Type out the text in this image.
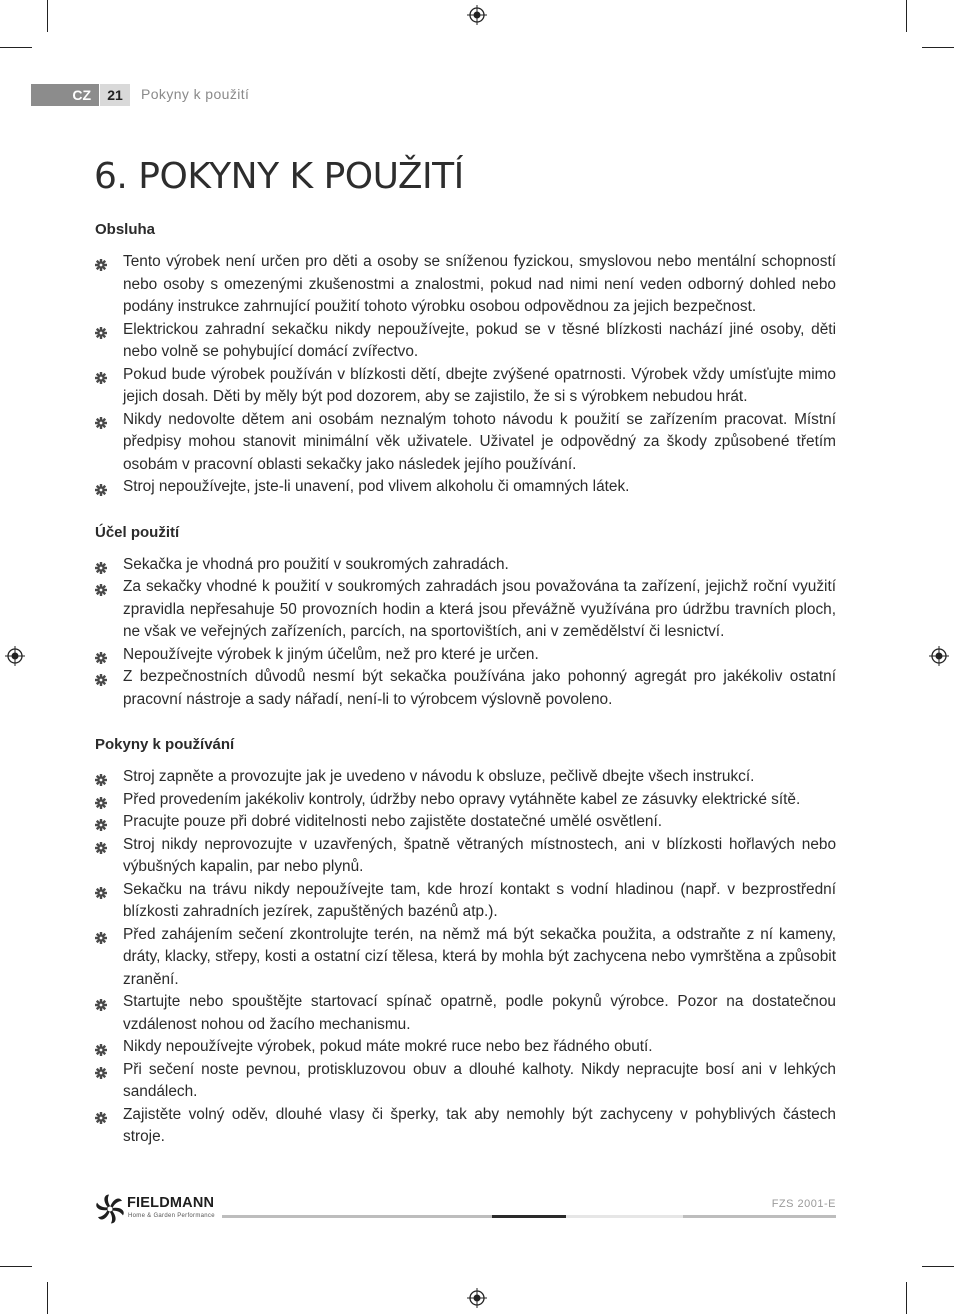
CZ	21	Pokyny k použití
6. POKYNY K POUŽITÍ
Obsluha
Tento výrobek není určen pro děti a osoby se sníženou fyzickou, smyslovou nebo mentální schopností nebo osoby s omezenými zkušenostmi a znalostmi, pokud nad nimi není veden odborný dohled nebo podány instrukce zahrnující použití tohoto výrobku osobou odpovědnou za jejich bezpečnost.
Elektrickou zahradní sekačku nikdy nepoužívejte, pokud se v těsné blízkosti nachází jiné osoby, děti nebo volně se pohybující domácí zvířectvo.
Pokud bude výrobek používán v blízkosti dětí, dbejte zvýšené opatrnosti. Výrobek vždy umísťujte mimo jejich dosah. Děti by měly být pod dozorem, aby se zajistilo, že si s výrobkem nebudou hrát.
Nikdy nedovolte dětem ani osobám neznalým tohoto návodu k použití se zařízením pracovat. Místní předpisy mohou stanovit minimální věk uživatele. Uživatel je odpovědný za škody způsobené třetím osobám v pracovní oblasti sekačky jako následek jejího používání.
Stroj nepoužívejte, jste-li unavení, pod vlivem alkoholu či omamných látek.
Účel použití
Sekačka je vhodná pro použití v soukromých zahradách.
Za sekačky vhodné k použití v soukromých zahradách jsou považována ta zařízení, jejichž roční využití zpravidla nepřesahuje 50 provozních hodin a která jsou převážně využívána pro údržbu travních ploch, ne však ve veřejných zařízeních, parcích, na sportovištích, ani v zemědělství či lesnictví.
Nepoužívejte výrobek k jiným účelům, než pro které je určen.
Z bezpečnostních důvodů nesmí být sekačka používána jako pohonný agregát pro jakékoliv ostatní pracovní nástroje a sady nářadí, není-li to výrobcem výslovně povoleno.
Pokyny k používání
Stroj zapněte a provozujte jak je uvedeno v návodu k obsluze, pečlivě dbejte všech instrukcí.
Před provedením jakékoliv kontroly, údržby nebo opravy vytáhněte kabel ze zásuvky elektrické sítě.
Pracujte pouze při dobré viditelnosti nebo zajistěte dostatečné umělé osvětlení.
Stroj nikdy neprovozujte v uzavřených, špatně větraných místnostech, ani v blízkosti hořlavých nebo výbušných kapalin, par nebo plynů.
Sekačku na trávu nikdy nepoužívejte tam, kde hrozí kontakt s vodní hladinou (např. v bezprostřední blízkosti zahradních jezírek, zapuštěných bazénů atp.).
Před zahájením sečení zkontrolujte terén, na němž má být sekačka použita, a odstraňte z ní kameny, dráty, klacky, střepy, kosti a ostatní cizí tělesa, která by mohla být zachycena nebo vymrštěna a způsobit zranění.
Startujte nebo spouštějte startovací spínač opatrně, podle pokynů výrobce. Pozor na dostatečnou vzdálenost nohou od žacího mechanismu.
Nikdy nepoužívejte výrobek, pokud máte mokré ruce nebo bez řádného obutí.
Při sečení noste pevnou, protiskluzovou obuv a dlouhé kalhoty. Nikdy nepracujte bosí ani v lehkých sandálech.
Zajistěte volný oděv, dlouhé vlasy či šperky, tak aby nemohly být zachyceny v pohyblivých částech stroje.
FIELDMANN
Home & Garden Performance
FZS 2001-E
